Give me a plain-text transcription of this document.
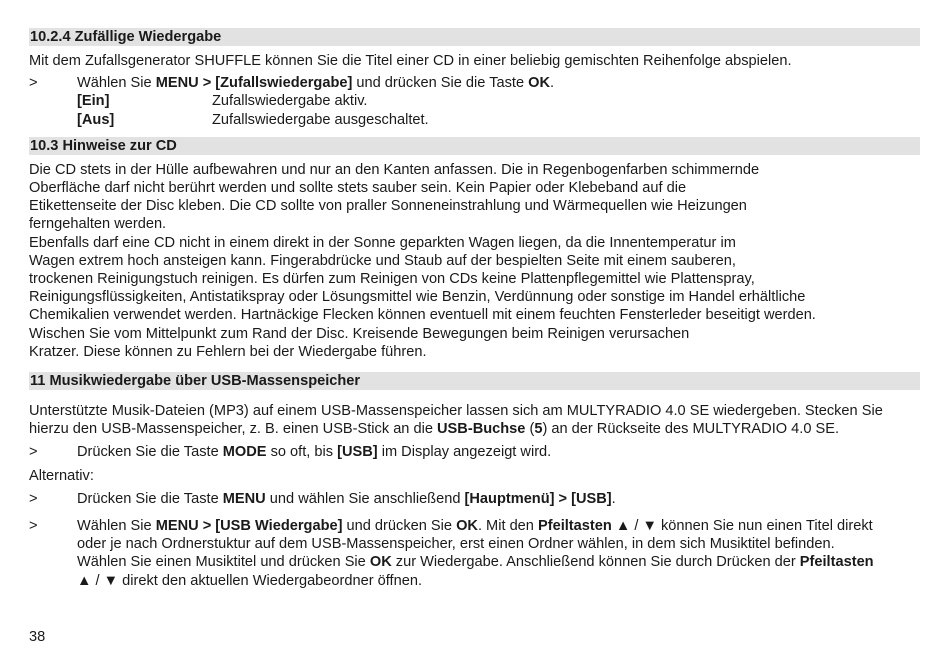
10.2.4 Zufällige Wiedergabe

Mit dem Zufallsgenerator SHUFFLE können Sie die Titel einer CD in einer beliebig gemischten Reihenfolge abspielen.

>	Wählen Sie MENU > [Zufallswiedergabe] und drücken Sie die Taste OK.
[Ein]	Zufallswiedergabe aktiv.
[Aus]	Zufallswiedergabe ausgeschaltet.
10.3 Hinweise zur CD
Die CD stets in der Hülle aufbewahren und nur an den Kanten anfassen. Die in Regenbogenfarben schimmernde
Oberfläche darf nicht berührt werden und sollte stets sauber sein. Kein Papier oder Klebeband auf die
Etikettenseite der Disc kleben. Die CD sollte von praller Sonneneinstrahlung und Wärmequellen wie Heizungen
ferngehalten werden.
Ebenfalls darf eine CD nicht in einem direkt in der Sonne geparkten Wagen liegen, da die Innentemperatur im
Wagen extrem hoch ansteigen kann. Fingerabdrücke und Staub auf der bespielten Seite mit einem sauberen,
trockenen Reinigungstuch reinigen. Es dürfen zum Reinigen von CDs keine Plattenpflegemittel wie Plattenspray,
Reinigungsflüssigkeiten, Antistatikspray oder Lösungsmittel wie Benzin, Verdünnung oder sonstige im Handel erhältliche
Chemikalien verwendet werden. Hartnäckige Flecken können eventuell mit einem feuchten Fensterleder beseitigt werden.
Wischen Sie vom Mittelpunkt zum Rand der Disc. Kreisende Bewegungen beim Reinigen verursachen
Kratzer. Diese können zu Fehlern bei der Wiedergabe führen.
11 Musikwiedergabe über USB-Massenspeicher
Unterstützte Musik-Dateien (MP3) auf einem USB-Massenspeicher lassen sich am MULTYRADIO 4.0 SE wiedergeben. Stecken Sie
hierzu den USB-Massenspeicher, z. B. einen USB-Stick an die USB-Buchse (5) an der Rückseite des MULTYRADIO 4.0 SE.
>	Drücken Sie die Taste MODE so oft, bis [USB] im Display angezeigt wird.

Alternativ:

>	Drücken Sie die Taste MENU und wählen Sie anschließend [Hauptmenü] > [USB].
>	Wählen Sie MENU > [USB Wiedergabe] und drücken Sie OK. Mit den Pfeiltasten ▲ / ▼ können Sie nun einen Titel direkt
oder je nach Ordnerstuktur auf dem USB-Massenspeicher, erst einen Ordner wählen, in dem sich Musiktitel befinden.
Wählen Sie einen Musiktitel und drücken Sie OK zur Wiedergabe. Anschließend können Sie durch Drücken der Pfeiltasten
▲ / ▼ direkt den aktuellen Wiedergabeordner öffnen.
38
